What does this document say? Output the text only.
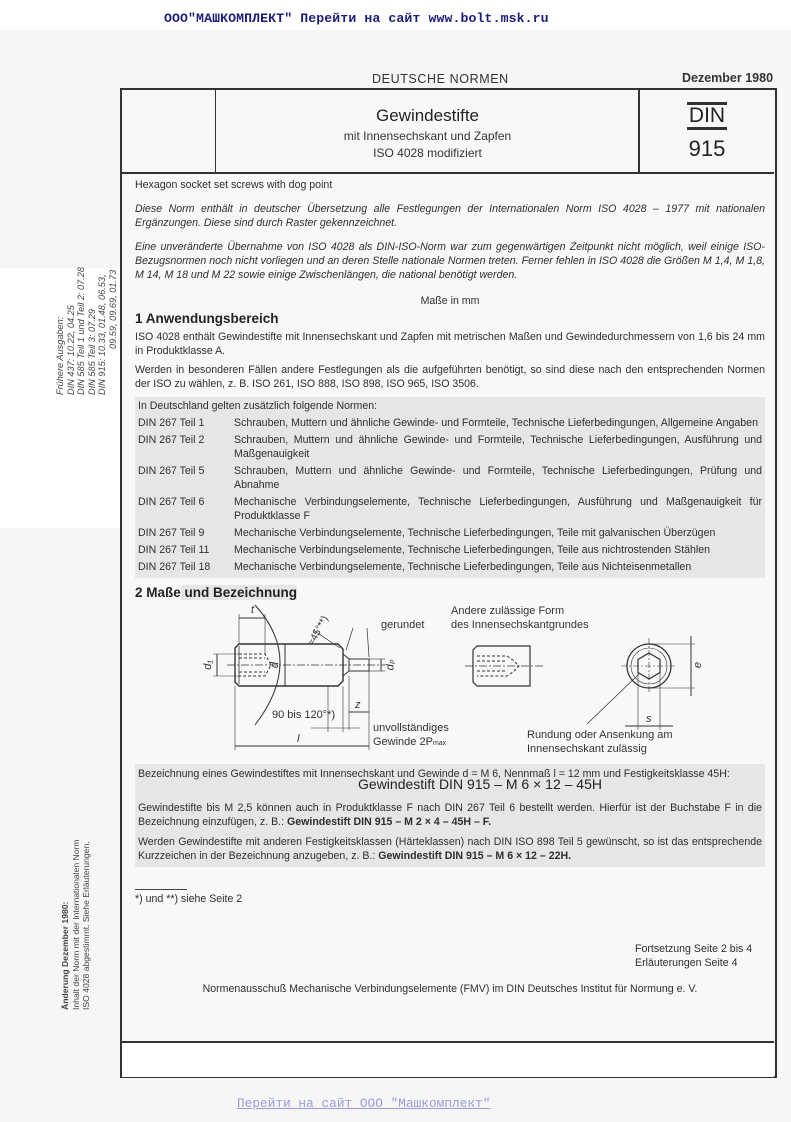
ООО"МАШКОМПЛЕКТ" Перейти на сайт www.bolt.msk.ru
Frühere Ausgaben: DIN 437: 10.22, 04.25 DIN 585 Teil 1 und Teil 2: 07.28 DIN 585 Teil 3: 07.29 DIN 915: 10.33, 01.48, 06.53, 09.59, 09.69, 01.73
Änderung Dezember 1980: Inhalt der Norm mit der Internationalen Norm ISO 4028 abgestimmt. Siehe Erläuterungen.
DEUTSCHE NORMEN	Dezember 1980
Gewindestifte
mit Innensechskant und Zapfen
ISO 4028 modifiziert
DIN
915

Hexagon socket set screws with dog point

Diese Norm enthält in deutscher Übersetzung alle Festlegungen der Internationalen Norm ISO 4028 – 1977 mit nationalen Ergänzungen. Diese sind durch Raster gekennzeichnet.

Eine unveränderte Übernahme von ISO 4028 als DIN-ISO-Norm war zum gegenwärtigen Zeitpunkt nicht möglich, weil einige ISO-Bezugsnormen noch nicht vorliegen und an deren Stelle nationale Normen treten. Ferner fehlen in ISO 4028 die Größen M 1,4, M 1,8, M 14, M 18 und M 22 sowie einige Zwischenlängen, die national benötigt werden.

Maße in mm

1 Anwendungsbereich

ISO 4028 enthält Gewindestifte mit Innensechskant und Zapfen mit metrischen Maßen und Gewindedurchmessern von 1,6 bis 24 mm in Produktklasse A.

Werden in besonderen Fällen andere Festlegungen als die aufgeführten benötigt, so sind diese nach den entsprechenden Normen der ISO zu wählen, z. B. ISO 261, ISO 888, ISO 898, ISO 965, ISO 3506.

In Deutschland gelten zusätzlich folgende Normen:

DIN 267 Teil 1	Schrauben, Muttern und ähnliche Gewinde- und Formteile, Technische Lieferbedingungen, Allgemeine Angaben
DIN 267 Teil 2	Schrauben, Muttern und ähnliche Gewinde- und Formteile, Technische Lieferbedingungen, Ausführung und Maßgenauigkeit
DIN 267 Teil 5	Schrauben, Muttern und ähnliche Gewinde- und Formteile, Technische Lieferbedingungen, Prüfung und Abnahme
DIN 267 Teil 6	Mechanische Verbindungselemente, Technische Lieferbedingungen, Ausführung und Maßgenauigkeit für Produktklasse F
DIN 267 Teil 9	Mechanische Verbindungselemente, Technische Lieferbedingungen, Teile mit galvanischen Überzügen
DIN 267 Teil 11	Mechanische Verbindungselemente, Technische Lieferbedingungen, Teile aus nichtrostenden Stählen
DIN 267 Teil 18	Mechanische Verbindungselemente, Technische Lieferbedingungen, Teile aus Nichteisenmetallen

2 Maße und Bezeichnung

gerundet
≈45°**)
90 bis 120°*)
t
d₁	d	dₚ
z
l
unvollständiges
Gewinde 2Pmax
Andere zulässige Form
des Innensechskantgrundes
e
s
Rundung oder Ansenkung am
Innensechskant zulässig

Bezeichnung eines Gewindestiftes mit Innensechskant und Gewinde d = M 6, Nennmaß l = 12 mm und Festigkeitsklasse 45H:

Gewindestift DIN 915 – M 6 × 12 – 45H

Gewindestifte bis M 2,5 können auch in Produktklasse F nach DIN 267 Teil 6 bestellt werden. Hierfür ist der Buchstabe F in die Bezeichnung einzufügen, z. B.: Gewindestift DIN 915 – M 2 × 4 – 45H – F.

Werden Gewindestifte mit anderen Festigkeitsklassen (Härteklassen) nach DIN ISO 898 Teil 5 gewünscht, so ist das entsprechende Kurzzeichen in der Bezeichnung anzugeben, z. B.: Gewindestift DIN 915 – M 6 × 12 – 22H.

*) und **) siehe Seite 2

Fortsetzung Seite 2 bis 4

Erläuterungen Seite 4

Normenausschuß Mechanische Verbindungselemente (FMV) im DIN Deutsches Institut für Normung e. V.

Перейти на сайт ООО "Машкомплект"
